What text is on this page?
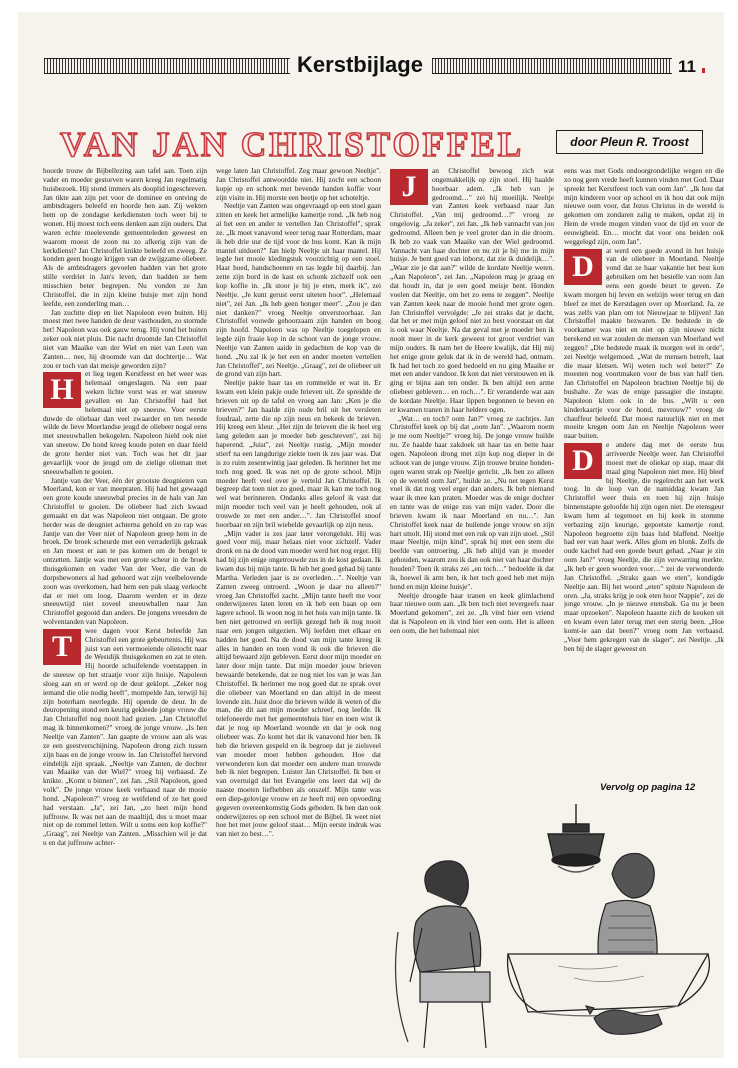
Kerstbijlage	11
VAN JAN CHRISTOFFEL	door Pleun R. Troost

hoorde trouw de Bijbellezing aan tafel aan. Toen zijn vader en moeder gestorven waren kreeg Jan regelmatig huisbezoek. Hij stond immers als dooplid ingeschreven. Jan tikte aan zijn pet voor de dominee en ontving de ambtsdragers beleefd en hoorde hen aan. Zij wekten hem op de zondagse kerkdiensten toch weer bij te wonen. Hij moest toch eens denken aan zijn ouders. Dat waren echte meelevende gemeenteleden geweest en waarom moest de zoon nu zo afkerig zijn van de kerkdienst? Jan Christoffel knikte beleefd en zweeg. Ze konden geen hoogte krijgen van de zwijgzame oliebeer. Als de ambtsdragers gevoelen hadden van het grote stille verdriet in Jan's leven, dan hadden ze hem misschien beter begrepen. Nu vonden ze Jan Christoffel, die in zijn kleine huisje met zijn hond leefde, een zonderling man…

Jan zuchtte diep en liet Napoleon even buiten. Hij moest met twee handen de deur vasthouden, zo stormde het! Napoleon was ook gauw terug. Hij vond het buiten zeker ook niet pluis. Die nacht droomde Jan Christoffel niet van Maaike van der Wiel en niet van Leen van Zanten… nee, hij droomde van dat dochtertje… Wat zou er toch van dat meisje geworden zijn?

H	et lieg tegen Kerstfeest en het weer was helemaal omgeslagen. Na een paar weken lichte vorst was er wat sneeuw gevallen en Jan Christoffel had het helemaal niet op sneeuw. Voor eerste duwde de oliebaar dan veel zwaarder en ten tweede wilde de lieve Moerlandse jeugd de oliebeer nogal eens met sneeuwballen bekogelen. Napoleon hield ook niet van sneeuw. De hond kreeg koude poten en daar hield de grote herder niet van. Toch was het dit jaar gevaarlijk voor de jeugd om de zielige olieman met sneeuwballen te gooien.

Jantje van der Veer, één der grootste deugnieten van Moerland, kon er van meepraten. Hij had het gewaagd een grote koude sneeuwbal precies in de hals van Jan Christoffel te gooien. De oliebeer had zich kwaad gemaakt en dat was Napoleon niet ontgaan. De grote herder was de deugniet achterna gehold en zo rap was Jantje van der Veer niet of Napoleon greep hem in de broek. De broek scheurde met een verraderlijk gekraak en Jan moest er aan te pas komen om de bengel te ontzetten. Jantje was met een grote scheur in de broek thuisgekomen en vader Van der Veer, die van de dorpsbewoners al had gehoord wat zijn veelbelovende zoon was overkomen, had hem een pak slaag verkocht dat er niet om loog. Daarom werden er in deze sneeuwtijd niet zoveel sneeuwballen naar Jan Christoffel gegooid dan anders. De jongens vreesden de wolventanden van Napoleon.

T	wee dagen voor Kerst beleefde Jan Christoffel een grote gebeurtenis. Hij was juist van een vermoeiende olietocht naar de Westdijk thuisgekomen en zat te eten. Hij hoorde schuifelende voetstappen in de sneeuw op het straatje voor zijn huisje. Napoleon sloeg aan en er werd op de deur geklopt. „Zeker nog iemand die olie nodig heeft", mompelde Jan, terwijl hij zijn boterham neerlegde. Hij opende de deur. In de deuropening stond een keurig gekleede jonge vrouw die Jan Christoffel nog nooit had gezien. „Jan Christoffel mag ik binnenkomen?" vroeg de jonge vrouw. „Is hen Neeltje van Zanten". Jan gaapte de vrouw aan als was ze een geestverschijning. Napoleon drong zich tussen zijn baas en de jonge vrouw in. Jan Christoffel hervond eindelijk zijn spraak. „Neeltje van Zanten, de dochter van Maaike van der Wiel?" vroeg hij verbaasd. Ze knikte. „Komt u binnen", zei Jan. „Stil Napoleon, goed volk". De jonge vrouw keek verbaasd naar de mooie hond. „Napoleon?" vroeg ze weifelend of ze het goed had verstaan. „Ja", zei Jan, „zo heet mijn hond juffrouw. Ik was net aan de maaltijd, dus u moet maar niet op de rommel letten. Wilt u soms een kop koffie?" „Graag", zei Neeltje van Zanten. „Misschien wil je dat u en dat juffrouw achter-

wege laten Jan Christoffel. Zeg maar gewoon Neeltje". Jan Christoffel antwoordde niet. Hij zocht een schoon kopje op en schonk met bevende handen koffie voor zijn visite in. Hij morste een beetje op het schoteltje.

Neeltje van Zanten was ongevraagd op een stoel gaan zitten en keek het armelijke kamertje rond. „Ik heb nog al het een en ander te vertellen Jan Christoffel", sprak ze. „Ik moet vanavond weer terug naar Rotterdam, maar ik heb drie uur de tijd voor de bus komt. Kan ik mijn mantel uitdoen?" Jan hielp Neeltje uit haar mantel. Hij legde het mooie kledingstuk voorzichtig op een stoel. Haar hoed, handschoenen en tas legde hij daarbij. Jan zette zijn bord in de kast en schonk zichzelf ook een kop koffie in. „Ik stoor je bij je eten, merk ik", zei Neeltje. „Je kunt gerust eerst uiteten hoor". „Helemaal niet", zei Jan. „Ik heb geen honger meer". „Zou je dan niet danken?" vroeg Neeltje onverstoorbaar. Jan Christoffel vouwde gehoorzaam zijn handen en boog zijn hoofd. Napoleon was op Neeltje toegelopen en legde zijn fraaie kop in de schoot van de jonge vrouw. Neeltje van Zanten aaide in gedachten de kop van de hond. „Nu zal ik je het een en ander moeten vertellen Jan Christoffel", zei Neeltje. „Graag", zei de oliebeer uit de grond van zijn hart.

Neeltje pakte haar tas en rommelde er wat in. Er kwam een klein pakje oude brieven uit. Ze spreidde de brieven uit op de tafel en vroeg aan Jan: „Ken je die brieven?" Jan haalde zijn oude bril uit het versleten foudraal, zette die op zijn neus en bekeek de brieven. Hij kreeg een kleur. „Het zijn de brieven die ik heel erg lang geleden aan je moeder heb geschreven", zei hij haperend. „Juist", zei Neeltje rustig. „Mijn moeder stierf na een langdurige ziekte toen ik zes jaar was. Dat is zo ruim zesentwintig jaar geleden. Ik herinner het me toch nog goed. Ik was net op de grote school. Mijn moeder heeft veel over je verteld Jan Christoffel. Ik begreep dat toen niet zo goed, maar ik kan me toch nog wel wat herinneren. Ondanks alles geloof ik vast dat mijn moeder toch veel van je heeft gehouden, ook al trouwde ze met een ander…". Jan Christoffel snoof hoorbaar en zijn bril wiebelde gevaarlijk op zijn neus.

„Mijn vader is zes jaar later verongelukt. Hij was goed voor mij, maar helaas niet voor zichzelf. Vader dronk en na de dood van moeder werd het nog erger. Hij had bij zijn enige ongetrouwde zus in de kost gedaan. Ik kwam dus bij mijn tante. Ik heb het goed gehad bij tante Martha. Verleden jaar is ze overleden…". Neeltje van Zanten zweeg ontroerd. „Woon je daar nu alleen?" vroeg Jan Christoffel zacht. „Mijn tante heeft me voor onderwijzeres laten leren en ik heb een baan op een lagere school. Ik woon nog in het huis van mijn tante. Ik ben niet getrouwd en eerlijk gezegd heb ik nog nooit naar een jongen uitgezien. Wij leefden met elkaar en hadden het goed. Na de dood van mijn tante kreeg ik alles in handen en toen vond ik ook die brieven die altijd bewaard zijn gebleven. Eerst door mijn moeder en later door mijn tante. Dat mijn moeder jouw brieven bewaarde betekende, dat ze nog niet los van je was Jan Christoffel. Ik herinner me nog goed dat ze sprak over die oliebeer van Moerland en dan altijd in de meest lovende zin. Juist door die brieven wilde ik weten of die man, die dit aan mijn moeder schreef, nog leefde. Ik telefoneerde met het gemeentehuis hier en toen wist ik dat je nog op Moerland woonde en dat je ook nog oliebeer was. Zo komt het dat ik vanavond hier ben. Ik heb die brieven gespeld en ik begroep dat je zielsveel van moeder moet hebben gehouden. Hoe dat verwonderen kon dat moeder een andere man trouwde heb ik niet begrepen. Luister Jan Christoffel. Ik ben er van overtuigd dat het Evangelie ons leert dat wij de naaste moeten liefhebben als onszelf. Mijn tante was een diep-gelovige vrouw en ze heeft mij een opvoeding gegeven overeenkomstig Gods geboden. Ik ben dan ook onderwijzeres op een school met de Bijbel. Ik weet niet hoe het met jouw geloof staat… Mijn eerste indruk was van niet zo best…".

J	an Christoffel bewoog zich wat ongemakkelijk op zijn stoel. Hij haalde hoorbaar adem. „Ik heb van je gedroomd…" zei hij moeilijk. Neeltje van Zanten keek verbaasd naar Jan Christoffel. „Van mij gedroomd…?" vroeg ze ongelovig. „Ja zeker", zei Jan. „Ik heb vannacht van jou gedroomd. Alleen ben je veel groter dan in die droom. Ik heb zo vaak van Maaike van der Wiel gedroomd. Vannacht van haar dochter en nu zit je bij me in mijn huisje. Je bent goed van inborst, dat zie ik duidelijk…". „Waar zie je dat aan?" wilde de kordate Neeltje weten. „Aan Napoleon", zei Jan. „Napoleon mag je graag en dat houdt in, dat je een goed meisje bent. Honden voelen dat Neeltje, om het zo eens te zeggen". Neeltje van Zanten keek naar de mooie hond met grote ogen. Jan Christoffel vervolgde: „Je zei straks dat je dacht, dat het er met mijn geloof niet zo best voorstaat en dat is ook waar Neeltje. Na dat geval met je moeder ben ik nooit meer in de kerk geweest tot groot verdriet van mijn ouders. Ik nam het de Heere kwalijk, dat Hij mij het enige grote geluk dat ik in de wereld had, ontnam. Ik had het toch zo goed bedoeld en nu ging Maaike er met een ander vandoor. Ik kon dat niet verstouwen en ik ging er bijna aan ten onder. Ik ben altijd een arme oliebeer gebleven… en toch…". Er veranderde wat aan de kordate Neeltje. Haar lippen begonnen te beven en er kwamen tranen in haar heldere ogen.

„Wat… en toch? oom Jan?" vroeg ze zachtjes. Jan Christoffel keek op bij dat „oom Jan". „Waarom noem je me oom Neeltje?" vroeg hij. De jonge vrouw huilde nu. Ze haalde haar zakdoek uit haar tas en bette haar ogen. Napoleon drong met zijn kop nog dieper in de schoot van de jonge vrouw. Zijn trouwe bruine honden-ogen waren strak op Neeltje gericht. „Ik ben zo alleen op de wereld oom Jan", huilde ze. „Nu net tegen Kerst voel ik dat nog veel erger dan anders. Ik heb niemand waar ik mee kan praten. Moeder was de enige dochter en tante was de enige zus van mijn vader. Door die brieven kwam ik naar Moerland en nu…". Jan Christoffel keek naar de huilende jonge vrouw en zijn hart smolt. Hij stond met een ruk op van zijn stoel. „Stil maar Neeltje, mijn kind", sprak hij met een stem die beefde van ontroering. „Ik heb altijd van je moeder gehouden, waarom zou ik dan ook niet van haar dochter houden? Toen ik straks zei „en toch…" bedoelde ik dat ik, hoewel ik arm ben, ik het toch goed heb met mijn hond en mijn kleine huisje".

Neeltje droogde haar tranen en keek glimlachend haar nieuwe oom aan. „Ik ben toch niet tevergeefs naar Moerland gekomen", zei ze. „Ik vind hier een vriend dat is Napoleon en ik vind hier een oom. Het is alleen een oom, die het helemaal niet

eens was met Gods ondoorgrondelijke wegen en die zo nog geen vrede heeft kunnen vinden met God. Daar spreekt het Kerstfeest toch van oom Jan". „Ik hou dat mijn kinderen voor op school en ik hou dat ook mijn nieuwe oom voor, dat Jezus Christus in de wereld is gekomen om zondaren zalig te maken, opdat zij in Hem de vrede mogen vinden voor de tijd en voor de eeuwigheid. En… mocht dat voor ons beiden ook weggelegd zijn, oom Jan".

D	at werd een goede avond in het huisje van de oliebeer in Moerland. Neeltje vond dat ze haar vakantie het best kon gebruiken om het bestelle van oom Jan eens een goede beurt te geven. Ze kwam morgen bij leven en welzijn weer terug en dan bleef ze met de Kerstdagen over op Moerland. Ja, ze was zelfs van plan om tot Nieuwjaar te blijven! Jan Christoffel maakte bezwaren. De bedstede in de voorkamer was niet en niet op zijn nieuwe nicht berekend en wat zouden de mensen van Moerland wel zeggen? „Die bedstede maak ik morgen wel in orde", zei Neeltje welgemoed. „Wat de mensen betreft, laat die maar kletsen. Wij weten toch wel beter?" Ze moesten nog voortmaken voor de bus van half tien. Jan Christoffel en Napoleon brachten Neeltje bij de bushalte. Ze was de enige passagier die instapte. Napoleon klom ook in de bus. „Wilt u een kinderkaartje voor de hond, mevrouw?" vroeg de chauffeur beleefd. Dat moest natuurlijk niet en met moeite kregen oom Jan en Neeltje Napoleon weer naar buiten.

D	e andere dag met de eerste bus arriveerde Neeltje weer. Jan Christoffel moest met de oliekar op stap, maar dit maal ging Napoleon niet mee. Hij bleef bij Neeltje, die regelrecht aan het werk toog. In de loop van de namiddag kwam Jan Christoffel weer thuis en toen hij zijn huisje binnenstapte geloofde hij zijn ogen niet. De etensgeur kwam hem al tegemoet en hij keek in stomme verbazing zijn keurige, gepoetste kamertje rond. Napoleon begroette zijn baas luid blaffend. Neeltje had eer van haar werk. Alles glom en blonk. Zelfs de oude kachel had een goede beurt gehad. „Naar je zin oom Jan?" vroeg Neeltje, die zijn verwarring merkte. „Ik heb er geen woorden voor…" zei de verwonderde Jan Christoffel. „Straks gaan we eten", kondigde Neeltje aan. Bij het woord „eten" spitste Napoleon de oren. „Ja, straks krijg je ook eten hoor Nappie", zei de jonge vrouw. „In je nieuwe etensbak. Ga nu je been maar opzoeken". Napoleon haastte zich de keuken uit en kwam even later terug met een sterig been. „Hoe komt-ie aan dat been?" vroeg oom Jan verbaasd. „Voor hem gekregen van de slager", zei Neeltje. „Ik ben bij de slager geweest en

Vervolg op pagina 12
